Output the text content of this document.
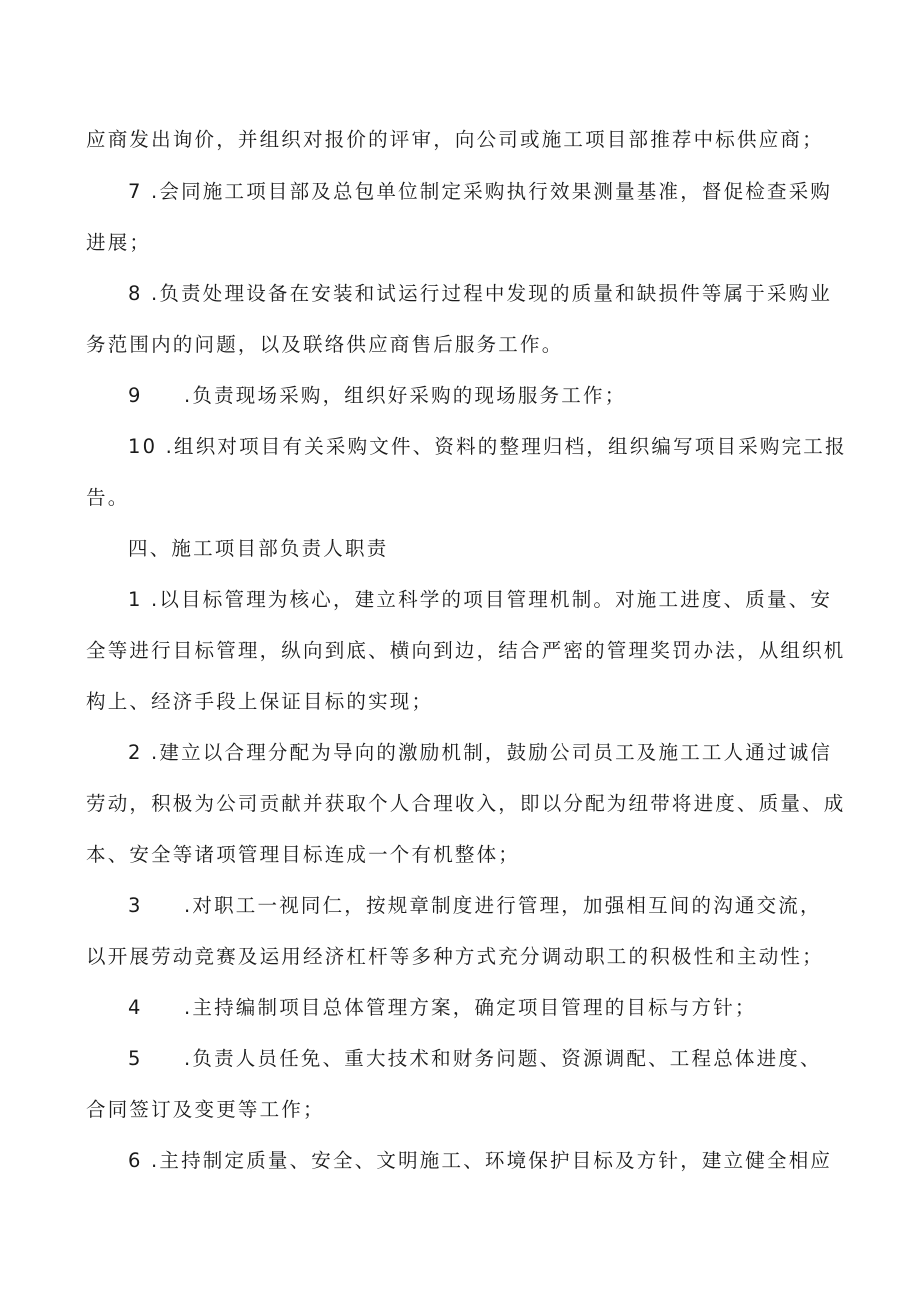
应商发出询价，并组织对报价的评审，向公司或施工项目部推荐中标供应商；
7 .会同施工项目部及总包单位制定采购执行效果测量基准，督促检查采购
进展；
8 .负责处理设备在安装和试运行过程中发现的质量和缺损件等属于采购业
务范围内的问题，以及联络供应商售后服务工作。
9 .负责现场采购，组织好采购的现场服务工作；
10 .组织对项目有关采购文件、资料的整理归档，组织编写项目采购完工报
告。
四、施工项目部负责人职责
1 .以目标管理为核心，建立科学的项目管理机制。对施工进度、质量、安
全等进行目标管理，纵向到底、横向到边，结合严密的管理奖罚办法，从组织机
构上、经济手段上保证目标的实现；
2 .建立以合理分配为导向的激励机制，鼓励公司员工及施工工人通过诚信
劳动，积极为公司贡献并获取个人合理收入，即以分配为纽带将进度、质量、成
本、安全等诸项管理目标连成一个有机整体；
3 .对职工一视同仁，按规章制度进行管理，加强相互间的沟通交流，
以开展劳动竞赛及运用经济杠杆等多种方式充分调动职工的积极性和主动性；
4 .主持编制项目总体管理方案，确定项目管理的目标与方针；
5 .负责人员任免、重大技术和财务问题、资源调配、工程总体进度、
合同签订及变更等工作；
6 .主持制定质量、安全、文明施工、环境保护目标及方针，建立健全相应
